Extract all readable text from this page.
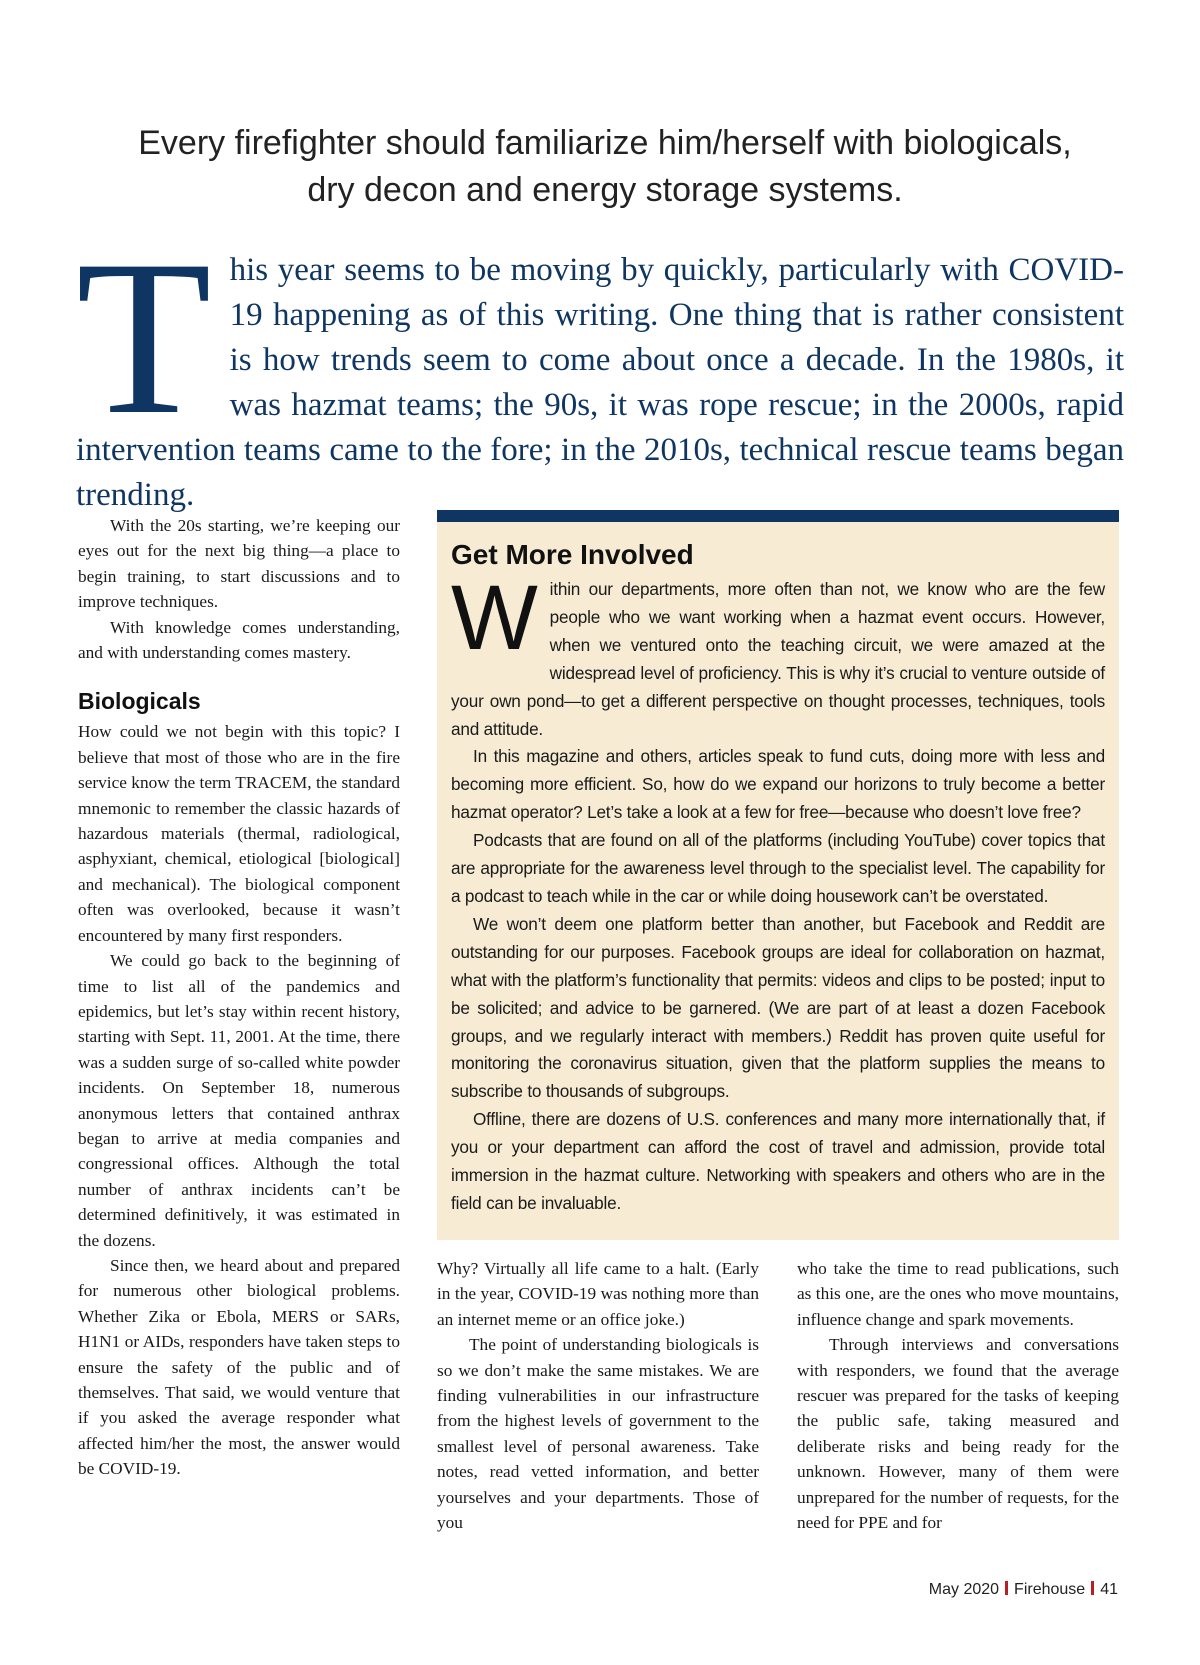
Every firefighter should familiarize him/herself with biologicals,
dry decon and energy storage systems.
This year seems to be moving by quickly, particularly with COVID-19 happening as of this writing. One thing that is rather consistent is how trends seem to come about once a decade. In the 1980s, it was hazmat teams; the 90s, it was rope rescue; in the 2000s, rapid intervention teams came to the fore; in the 2010s, technical rescue teams began trending.

With the 20s starting, we’re keeping our eyes out for the next big thing—a place to begin training, to start discussions and to improve techniques.

With knowledge comes understanding, and with understanding comes mastery.

Biologicals

How could we not begin with this topic? I believe that most of those who are in the fire service know the term TRACEM, the standard mnemonic to remember the classic hazards of hazardous materials (thermal, radiological, asphyxiant, chemical, etiological [biological] and mechanical). The biological component often was overlooked, because it wasn’t encountered by many first responders.

We could go back to the beginning of time to list all of the pandemics and epidemics, but let’s stay within recent history, starting with Sept. 11, 2001. At the time, there was a sudden surge of so-called white powder incidents. On September 18, numerous anonymous letters that contained anthrax began to arrive at media companies and congressional offices. Although the total number of anthrax incidents can’t be determined definitively, it was estimated in the dozens.

Since then, we heard about and prepared for numerous other biological problems. Whether Zika or Ebola, MERS or SARs, H1N1 or AIDs, responders have taken steps to ensure the safety of the public and of themselves. That said, we would venture that if you asked the average responder what affected him/her the most, the answer would be COVID-19.

Get More Involved

Within our departments, more often than not, we know who are the few people who we want working when a hazmat event occurs. However, when we ventured onto the teaching circuit, we were amazed at the widespread level of proficiency. This is why it’s crucial to venture outside of your own pond—to get a different perspective on thought processes, techniques, tools and attitude.

In this magazine and others, articles speak to fund cuts, doing more with less and becoming more efficient. So, how do we expand our horizons to truly become a better hazmat operator? Let’s take a look at a few for free—because who doesn’t love free?

Podcasts that are found on all of the platforms (including YouTube) cover topics that are appropriate for the awareness level through to the specialist level. The capability for a podcast to teach while in the car or while doing housework can’t be overstated.

We won’t deem one platform better than another, but Facebook and Reddit are outstanding for our purposes. Facebook groups are ideal for collaboration on hazmat, what with the platform’s functionality that permits: videos and clips to be posted; input to be solicited; and advice to be garnered. (We are part of at least a dozen Facebook groups, and we regularly interact with members.) Reddit has proven quite useful for monitoring the coronavirus situation, given that the platform supplies the means to subscribe to thousands of subgroups.

Offline, there are dozens of U.S. conferences and many more internationally that, if you or your department can afford the cost of travel and admission, provide total immersion in the hazmat culture. Networking with speakers and others who are in the field can be invaluable.

Why? Virtually all life came to a halt. (Early in the year, COVID-19 was nothing more than an internet meme or an office joke.)

The point of understanding biologicals is so we don’t make the same mistakes. We are finding vulnerabilities in our infrastructure from the highest levels of government to the smallest level of personal awareness. Take notes, read vetted information, and better yourselves and your departments. Those of you

who take the time to read publications, such as this one, are the ones who move mountains, influence change and spark movements.

Through interviews and conversations with responders, we found that the average rescuer was prepared for the tasks of keeping the public safe, taking measured and deliberate risks and being ready for the unknown. However, many of them were unprepared for the number of requests, for the need for PPE and for

May 2020 Firehouse 41
